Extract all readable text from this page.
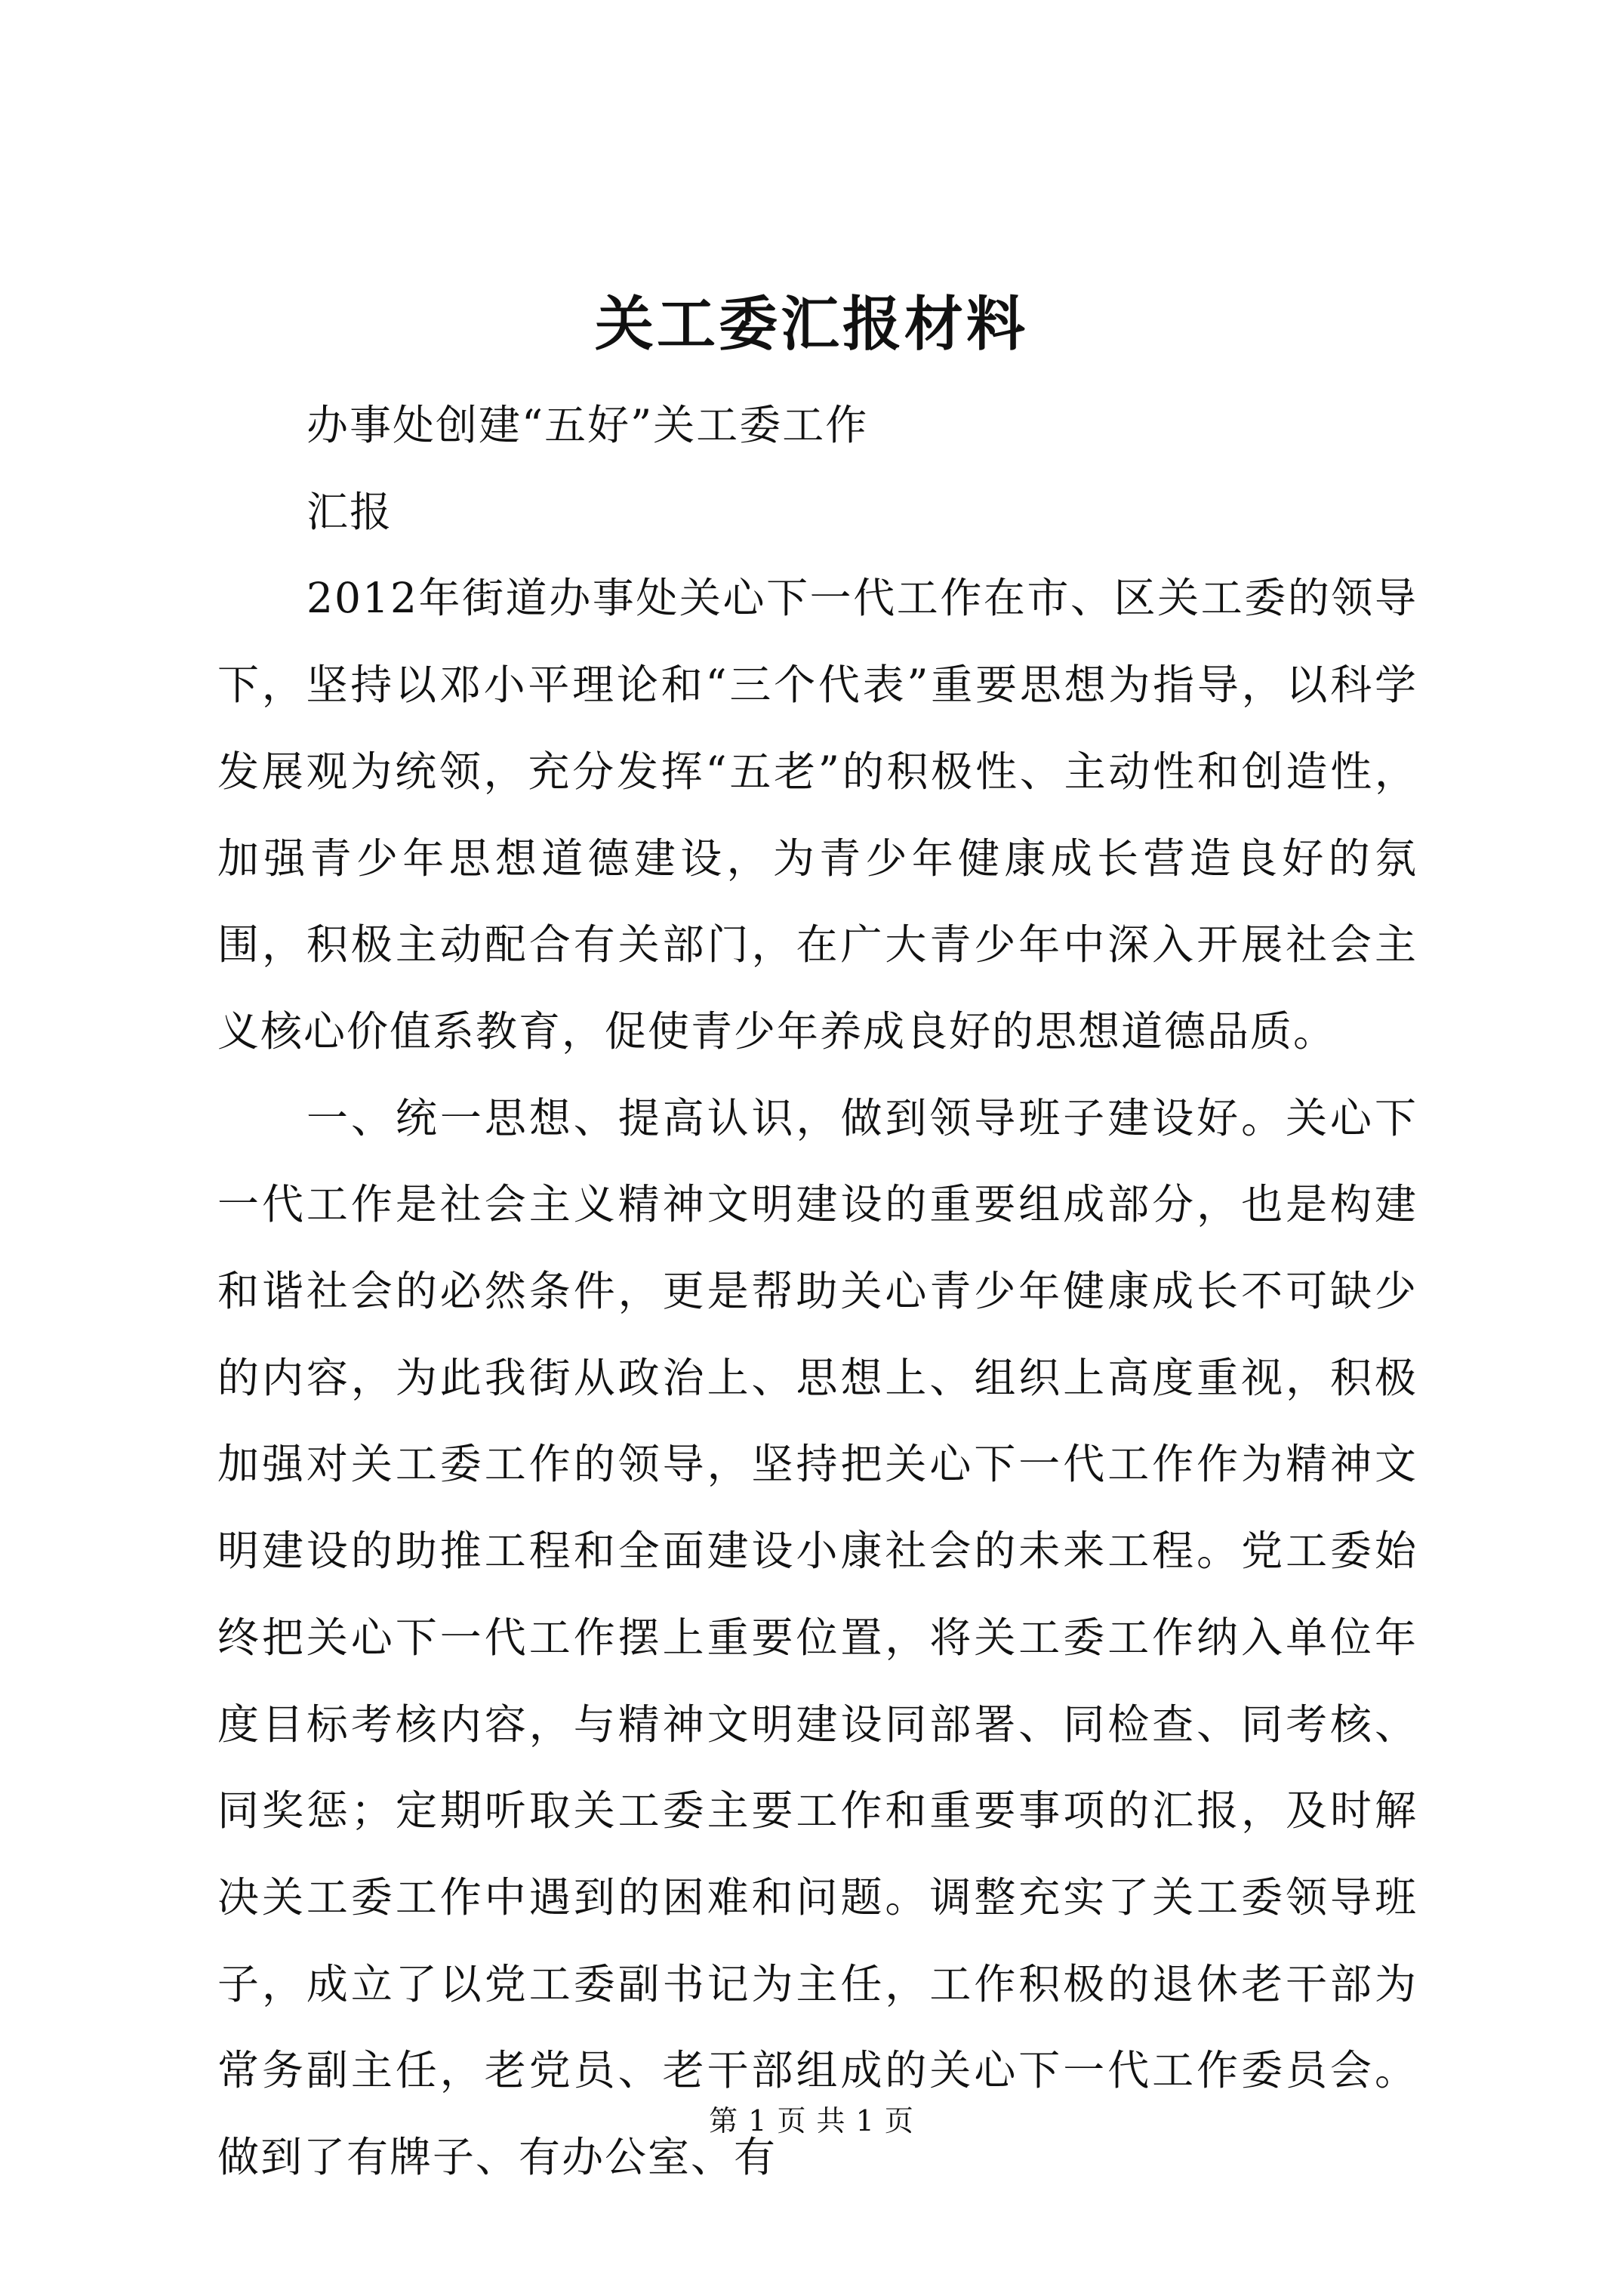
关工委汇报材料

办事处创建“五好”关工委工作

汇报

2012年街道办事处关心下一代工作在市、区关工委的领导下，坚持以邓小平理论和“三个代表”重要思想为指导，以科学发展观为统领，充分发挥“五老”的积极性、主动性和创造性，加强青少年思想道德建设，为青少年健康成长营造良好的氛围，积极主动配合有关部门，在广大青少年中深入开展社会主义核心价值系教育，促使青少年养成良好的思想道德品质。

一、统一思想、提高认识，做到领导班子建设好。关心下一代工作是社会主义精神文明建设的重要组成部分，也是构建和谐社会的必然条件，更是帮助关心青少年健康成长不可缺少的内容，为此我街从政治上、思想上、组织上高度重视，积极加强对关工委工作的领导，坚持把关心下一代工作作为精神文明建设的助推工程和全面建设小康社会的未来工程。党工委始终把关心下一代工作摆上重要位置，将关工委工作纳入单位年度目标考核内容，与精神文明建设同部署、同检查、同考核、同奖惩；定期听取关工委主要工作和重要事项的汇报，及时解决关工委工作中遇到的困难和问题。调整充实了关工委领导班子，成立了以党工委副书记为主任，工作积极的退休老干部为常务副主任，老党员、老干部组成的关心下一代工作委员会。做到了有牌子、有办公室、有

第 1 页 共 1 页
